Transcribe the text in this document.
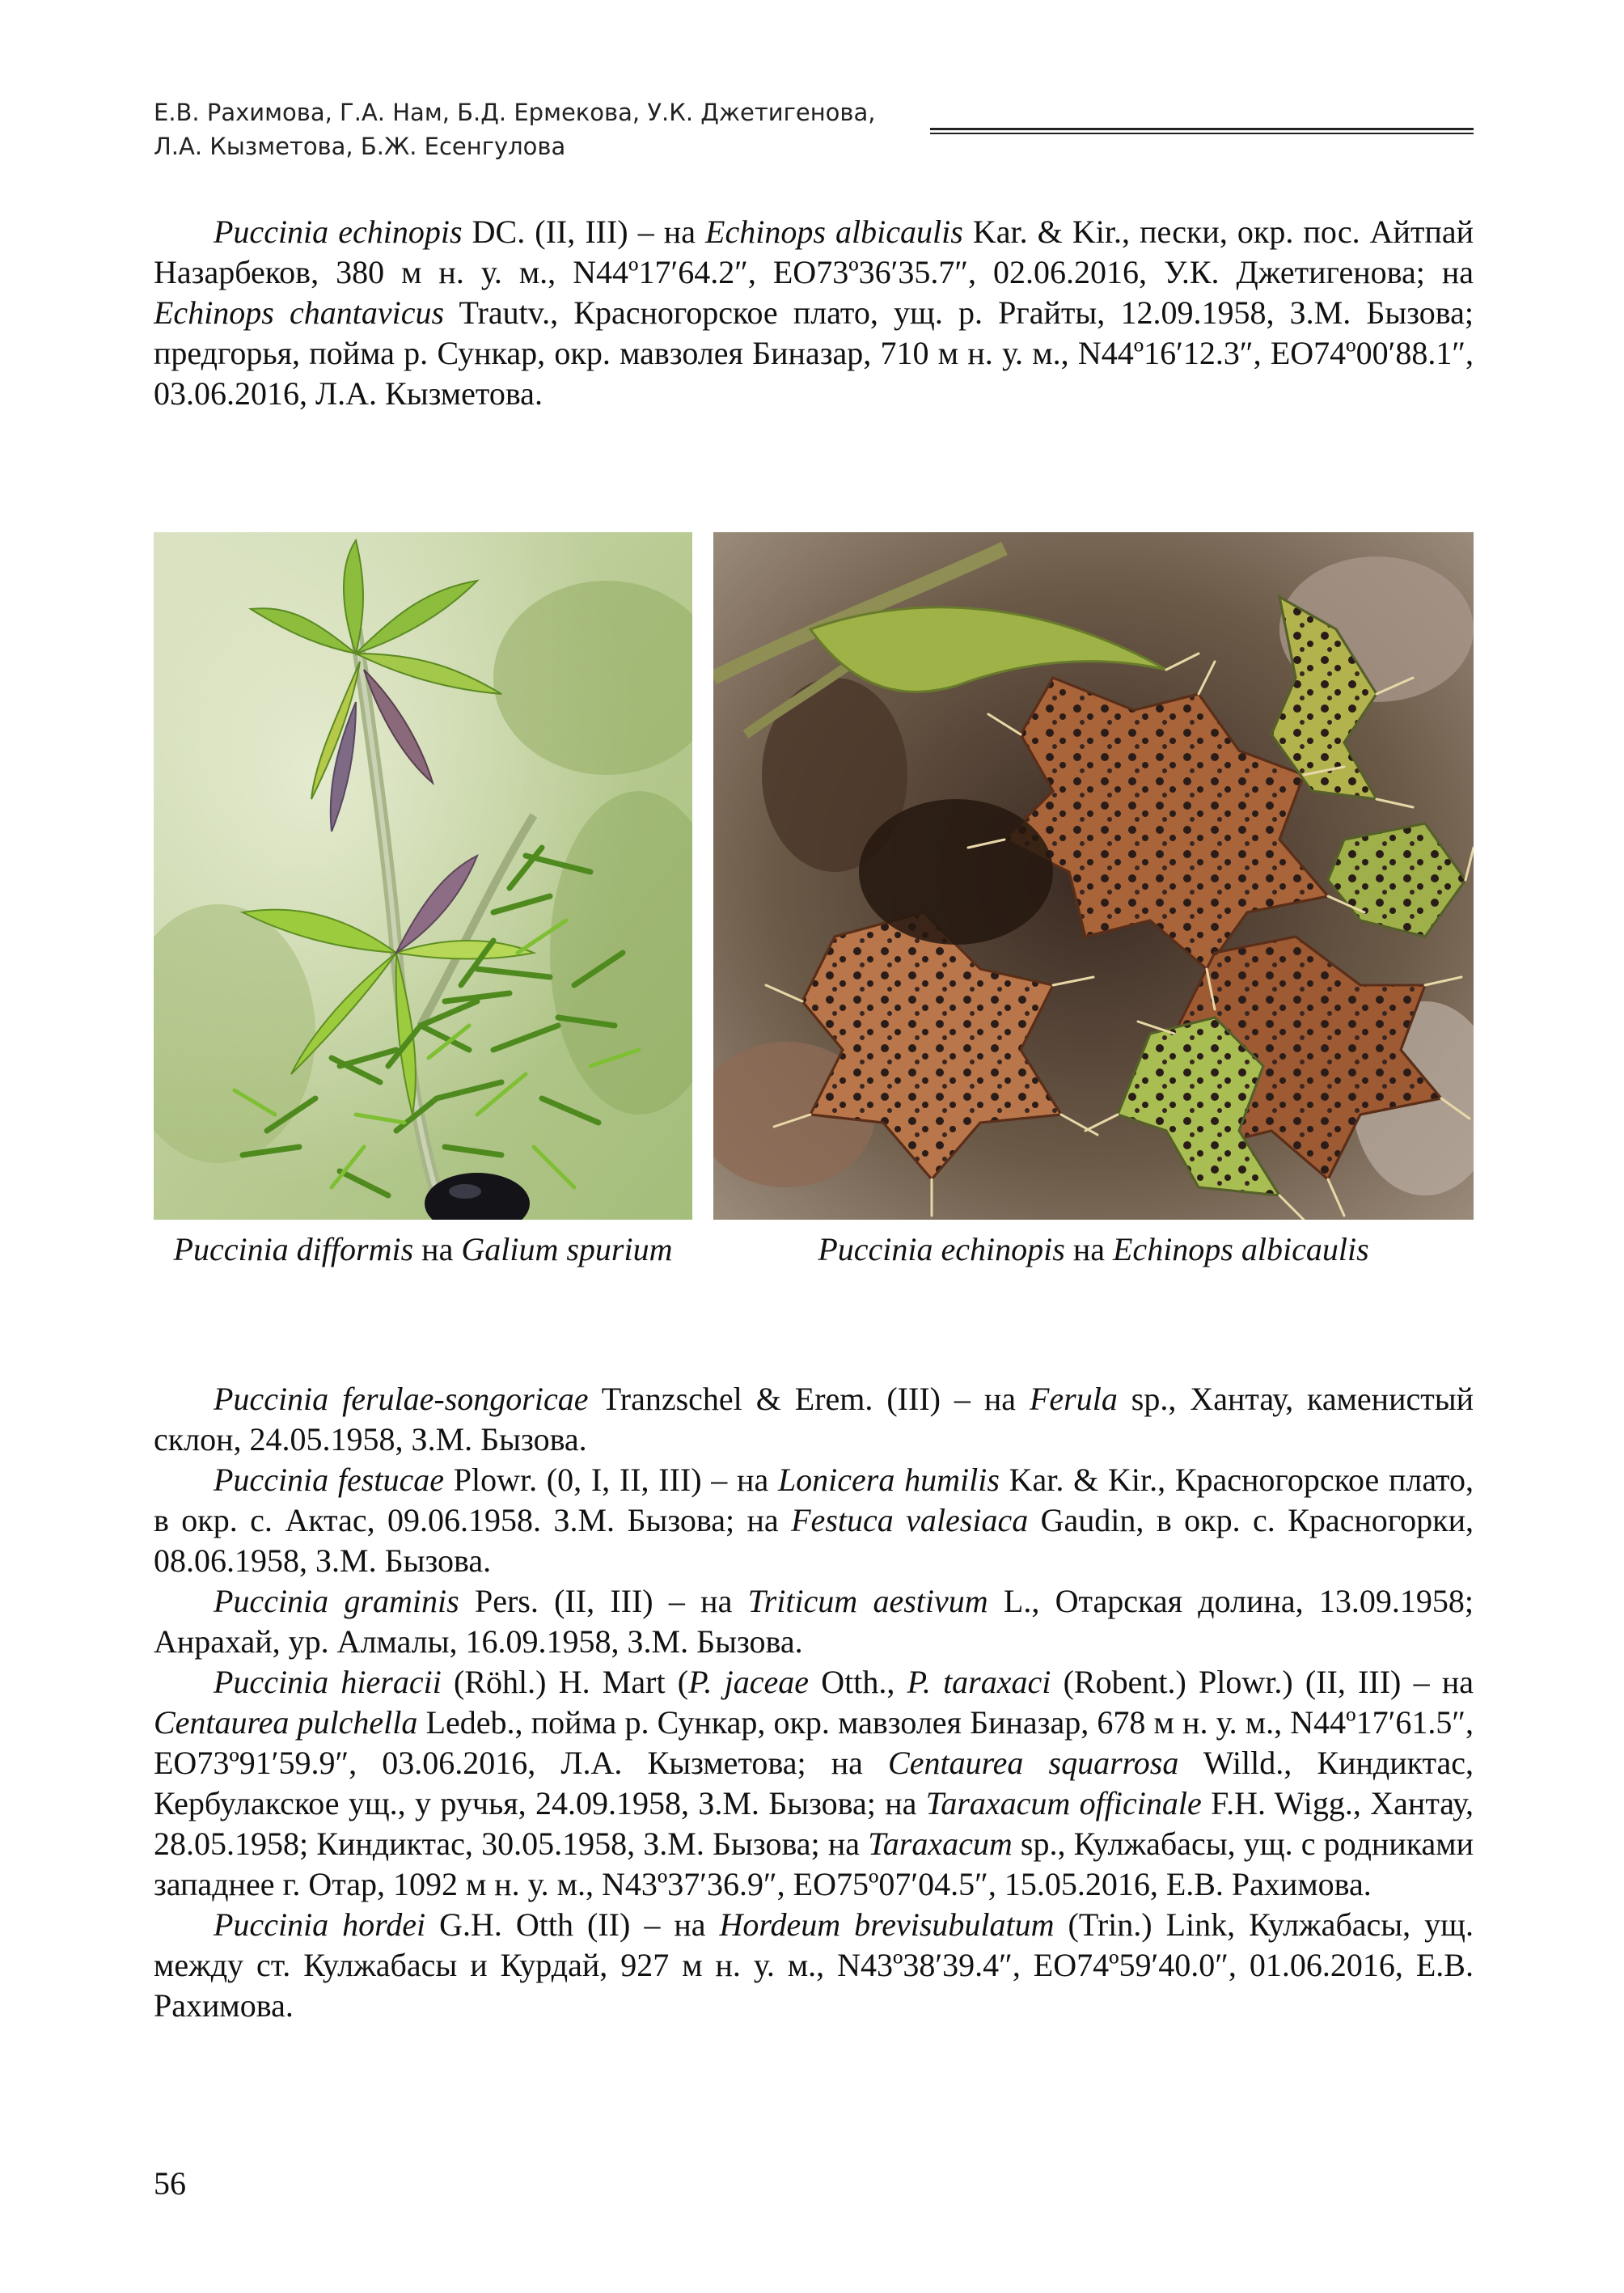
Е.В. Рахимова, Г.А. Нам, Б.Д. Ермекова, У.К. Джетигенова,
Л.А. Кызметова, Б.Ж. Есенгулова

Puccinia echinopis DC. (II, III) – на Echinops albicaulis Kar. & Kir., пески, окр. пос. Айтпай Назарбеков, 380 м н. у. м., N44º17′64.2″, EO73º36′35.7″, 02.06.2016, У.К. Джетигенова; на Echinops chantavicus Trautv., Красногорское плато, ущ. р. Ргайты, 12.09.1958, З.М. Бызова; предгорья, пойма р. Сункар, окр. мавзолея Биназар, 710 м н. у. м., N44º16′12.3″, EO74º00′88.1″, 03.06.2016, Л.А. Кызметова.

Puccinia difformis на Galium spurium	Puccinia echinopis на Echinops albicaulis

Puccinia ferulae-songoricae Tranzschel & Erem. (III) – на Ferula sp., Хантау, каменистый склон, 24.05.1958, З.М. Бызова.

Puccinia festucae Plowr. (0, I, II, III) – на Lonicera humilis Kar. & Kir., Красногорское плато, в окр. с. Актас, 09.06.1958. З.М. Бызова; на Festuca valesiaca Gaudin, в окр. с. Красногорки, 08.06.1958, З.М. Бызова.

Puccinia graminis Pers. (II, III) – на Triticum aestivum L., Отарская долина, 13.09.1958; Анрахай, ур. Алмалы, 16.09.1958, З.М. Бызова.

Puccinia hieracii (Röhl.) H. Mart (P. jaceae Otth., P. taraxaci (Robent.) Plowr.) (II, III) – на Centaurea pulchella Ledeb., пойма р. Сункар, окр. мавзолея Биназар, 678 м н. у. м., N44º17′61.5″, EO73º91′59.9″, 03.06.2016, Л.А. Кызметова; на Centaurea squarrosa Willd., Киндиктас, Кербулакское ущ., у ручья, 24.09.1958, З.М. Бызова; на Taraxacum officinale F.H. Wigg., Хантау, 28.05.1958; Киндиктас, 30.05.1958, З.М. Бызова; на Taraxacum sp., Кулжабасы, ущ. с родниками западнее г. Отар, 1092 м н. у. м., N43º37′36.9″, EO75º07′04.5″, 15.05.2016, Е.В. Рахимова.

Puccinia hordei G.H. Otth (II) – на Hordeum brevisubulatum (Trin.) Link, Кулжабасы, ущ. между ст. Кулжабасы и Курдай, 927 м н. у. м., N43º38′39.4″, EO74º59′40.0″, 01.06.2016, Е.В. Рахимова.

56
